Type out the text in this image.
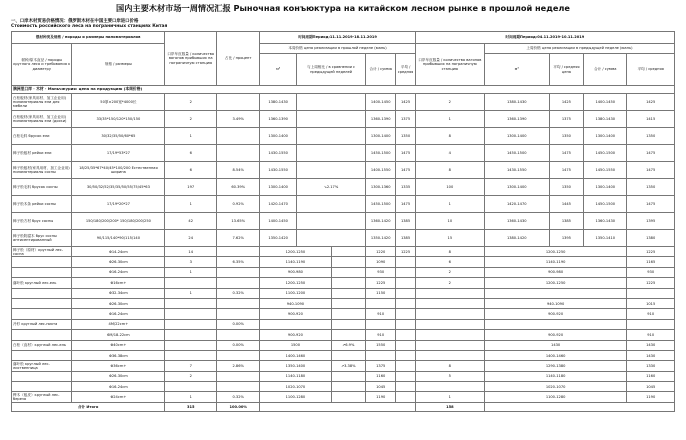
国内主要木材市场一周情况汇报 Рыночная конъюктура на китайском лесном рынке в прошлой неделе
一、口岸木材贸易价格情况：俄罗斯木材在中国主要口岸进口价格
Стоимость российского леса на пограничных станциях Китая
俄材种类及规格 / породы и размеры пиломатериалов		口岸车皮数量 / количество вагонов прибывших на пограничную станцию	占比 / процент	时间周期Период:11.11.2019-18.11.2019					时间周期Период:04.11.2019-10.11.2019				
树种/原木直径 / породы круглого леса и требования к диаметру	规格 / размеры			本周价格 цена реализации в прошлой неделе (юань)					口岸车皮数量 / количество вагонов прибывших на пограничную станцию	上周价格 цена реализации в предыдущей неделе (юань)			
				м³	与上周相比 / в сравнении с предыдущей неделей		合计 / сумма	平均 / средняя		м³	平均 / средняя цена	合计 / сумма	平均 / средняя
满洲里口岸 · 木材 · Маньчжурия: цена на продукцию (本周价格)													
白松板材(家具用材、加工企业用) пиломатериалы ели для мебели	50厚×200宽*4000长	2		1380-1430			1400-1450	1425	2	1380-1430	1425	1400-1450	1425
白松板材(家具用材、加工企业用) пиломатериалы ели (доски)	33/35*150/120*150/150	2	3.49%	1360-1390			1360-1390	1375	1	1360-1390	1375	1380-1430	1415
白松毛料 брусок ели	30/32/35/50/60*65	1		1300-1400			1300-1400	1350	8	1300-1400	1350	1300-1400	1350
樟子松板材 рейки ели	17/19*53*27	6		1430-1550			1450-1500	1475	4	1450-1500	1475	1450-1500	1475
樟子松板材(家具用材、加工企业用) пиломатериалы сосны	18/25/35*67*40/45*100/200 Естественная ширина	6	8.54%	1430-1550			1400-1550	1475	8	1430-1550	1475	1450-1550	1475
樟子松毛料 брусок сосны	30/50/32/52/35/35/50/55/75/45*63	197	60.39%	1300-1400	↘2.17%		1300-1360	1335	100	1300-1400	1350	1300-1400	1350
樟子松木条 рейки сосны	17/19*20*27	1	0.92%	1420-1470			1450-1500	1475	1	1420-1470	1445	1450-1500	1475
樟子松方材 брус сосны	150/180/200/200* 150/180/200/250	42	13.65%	1400-1450			1360-1420	1385	10	1360-1430	1385	1360-1430	1395
樟子松防腐木 брус сосны антисептированный	90/115/140*90/115/140	24	7.62%	1350-1420			1350-1420	1385	15	1380-1420	1395	1350-1410	1380
樟子松（原材）круглый лес-сосна	Φ14-24cm	14		1200-1250			1220	1225	8	1200-1250			1225
	Φ26-30cm	3	6.35%	1140-1190			1090		6	1140-1190			1165
	Φ16-24cm	1		900-980			930		2	900-980			930
落叶松 круглый лес-ель	Φ16cm+			1200-1250			1225		2	1200-1250			1225
	Φ32-34cm	1	0.32%	1100-1200			1150						
	Φ26-30cm			940-1090						940-1090			1015
	Φ16-24cm			900-920			910			900-920			910
冷杉 круглый лес-пихта	4M/22cm+		0.00%										
	6M/18-22cm			900-920			910			900-920			910
白松（直材）круглый лес-ель	Φ40cm+		0.00%	1500		↗6.9%	1550			1430			1430
	Φ36-38cm			1400-1460						1400-1460			1430
落叶松 круглый лес-лиственница	Φ36cm+	7	2.86%	1350-1400		↗3.38%	1375		8	1290-1380			1330
	Φ26-30cm	2		1140-1180			1160		5	1140-1180			1160
	Φ16-24cm			1020-1070			1045			1020-1070			1045
桦木（板皮）круглый лес-береза	Φ24cm+	1	0.32%	1100-1280			1190		1	1100-1280			1190
合计 Итого		315	100.00%						158				
